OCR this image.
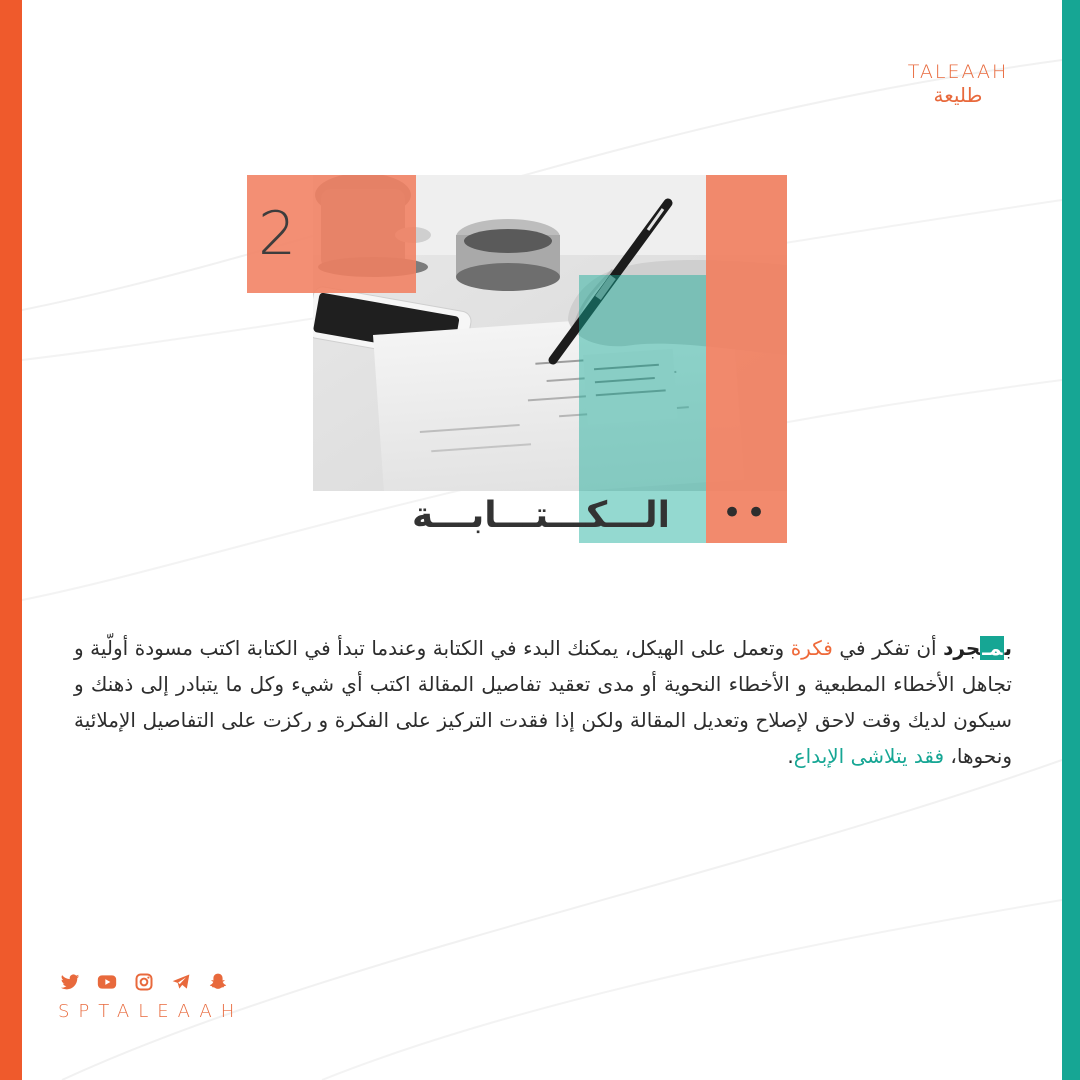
TALEAAH
طليعة
2
••
الـــكـــتـــابـــة
بمـجرد أن تفكر في فكرة وتعمل على الهيكل، يمكنك البدء في الكتابة وعندما تبدأ في الكتابة اكتب مسودة أولّية و تجاهل الأخطاء المطبعية و الأخطاء النحوية أو مدى تعقيد تفاصيل المقالة اكتب أي شيء وكل ما يتبادر إلى ذهنك و سيكون لديك وقت لاحق لإصلاح وتعديل المقالة ولكن إذا فقدت التركيز على الفكرة و ركزت على التفاصيل الإملائية ونحوها، فقد يتلاشى الإبداع.
SPTALEAAH
